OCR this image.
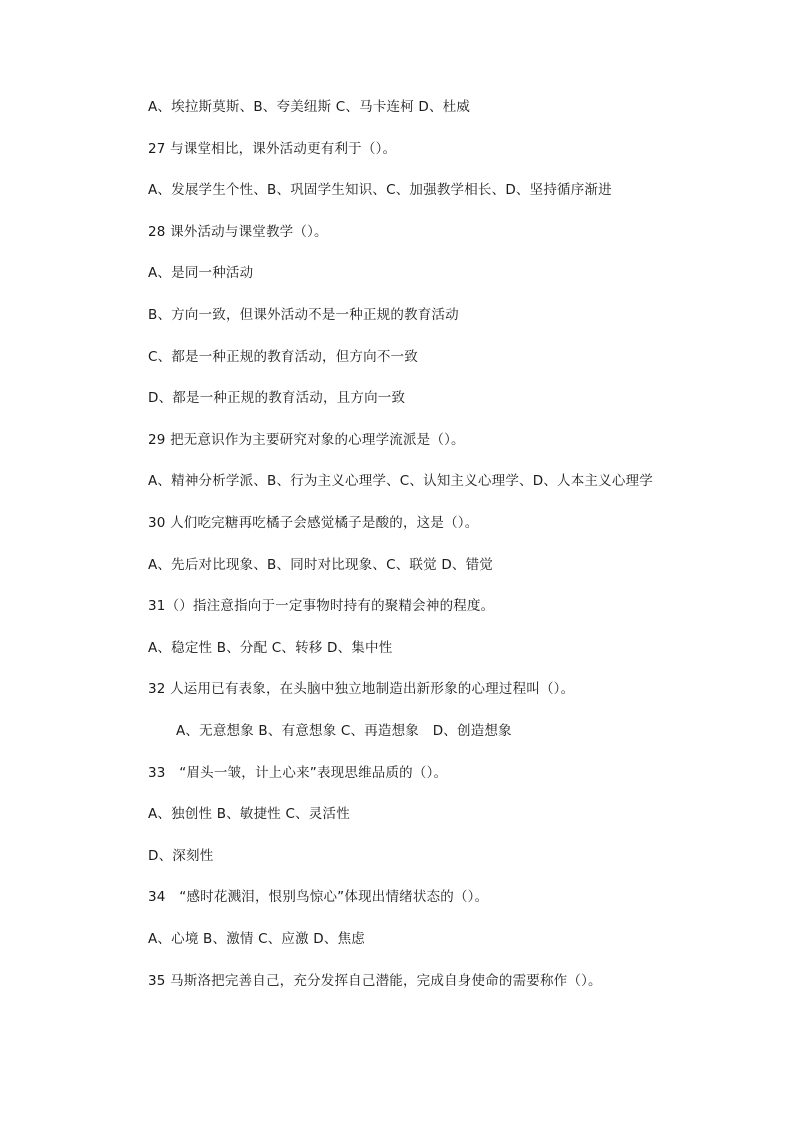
A、埃拉斯莫斯、B、夸美纽斯 C、马卡连柯 D、杜威
27 与课堂相比，课外活动更有利于（）。
A、发展学生个性、B、巩固学生知识、C、加强教学相长、D、坚持循序渐进
28 课外活动与课堂教学（）。
A、是同一种活动
B、方向一致，但课外活动不是一种正规的教育活动
C、都是一种正规的教育活动，但方向不一致
D、都是一种正规的教育活动，且方向一致
29 把无意识作为主要研究对象的心理学流派是（）。
A、精神分析学派、B、行为主义心理学、C、认知主义心理学、D、人本主义心理学
30 人们吃完糖再吃橘子会感觉橘子是酸的，这是（）。
A、先后对比现象、B、同时对比现象、C、联觉 D、错觉
31（）指注意指向于一定事物时持有的聚精会神的程度。
A、稳定性 B、分配 C、转移 D、集中性
32 人运用已有表象，在头脑中独立地制造出新形象的心理过程叫（）。
A、无意想象 B、有意想象 C、再造想象　D、创造想象
33　“眉头一皱，计上心来”表现思维品质的（）。
A、独创性 B、敏捷性 C、灵活性
D、深刻性
34　“感时花溅泪，恨别鸟惊心”体现出情绪状态的（）。
A、心境 B、激情 C、应激 D、焦虑
35 马斯洛把完善自己，充分发挥自己潜能，完成自身使命的需要称作（）。
